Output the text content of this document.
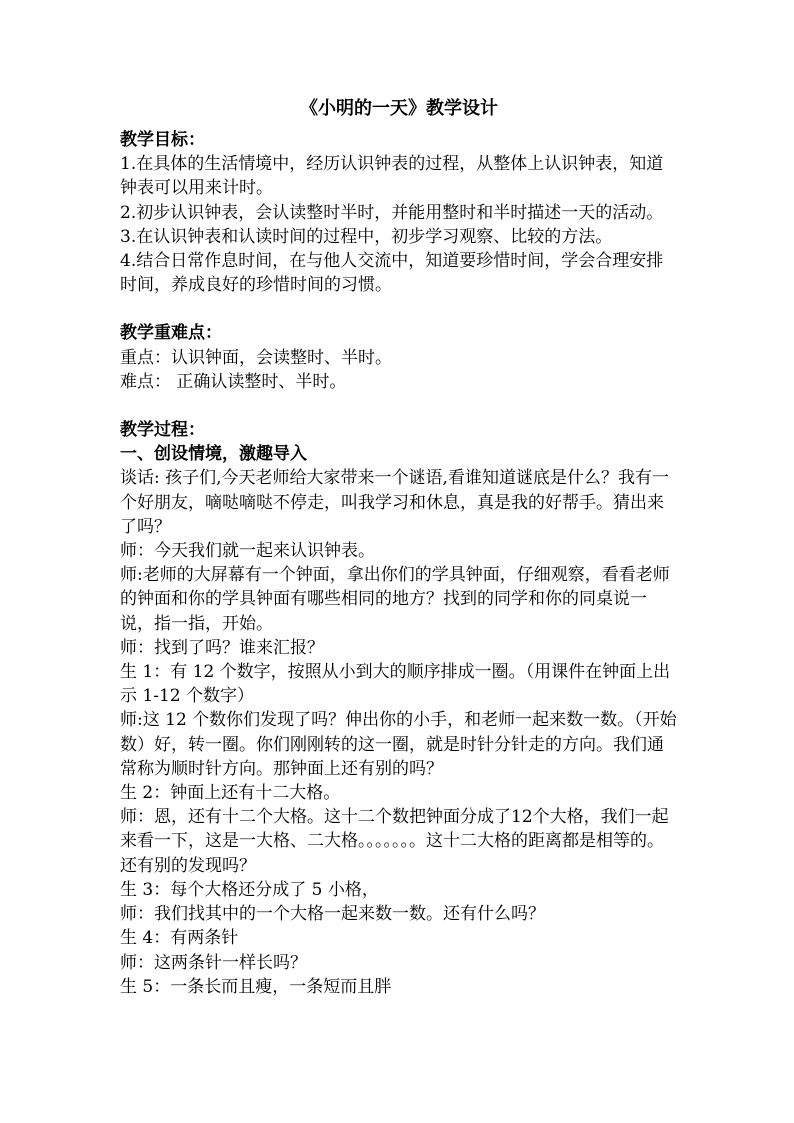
《小明的一天》教学设计
教学目标：
1.在具体的生活情境中，经历认识钟表的过程，从整体上认识钟表，知道钟表可以用来计时。
2.初步认识钟表，会认读整时半时，并能用整时和半时描述一天的活动。
3.在认识钟表和认读时间的过程中，初步学习观察、比较的方法。
4.结合日常作息时间，在与他人交流中，知道要珍惜时间，学会合理安排时间，养成良好的珍惜时间的习惯。
教学重难点：
重点：认识钟面，会读整时、半时。
难点： 正确认读整时、半时。
教学过程：
一、创设情境，激趣导入
谈话: 孩子们,今天老师给大家带来一个谜语,看谁知道谜底是什么？我有一个好朋友，嘀哒嘀哒不停走，叫我学习和休息，真是我的好帮手。猜出来了吗？
师：今天我们就一起来认识钟表。
师:老师的大屏幕有一个钟面，拿出你们的学具钟面，仔细观察，看看老师的钟面和你的学具钟面有哪些相同的地方？找到的同学和你的同桌说一说，指一指，开始。
师：找到了吗？谁来汇报？
生 1：有 12 个数字，按照从小到大的顺序排成一圈。（用课件在钟面上出示 1-12 个数字）
师:这 12 个数你们发现了吗？伸出你的小手，和老师一起来数一数。（开始数）好，转一圈。你们刚刚转的这一圈，就是时针分针走的方向。我们通常称为顺时针方向。那钟面上还有别的吗？
生 2：钟面上还有十二大格。
师：恩，还有十二个大格。这十二个数把钟面分成了12个大格，我们一起来看一下，这是一大格、二大格。。。。。。。这十二大格的距离都是相等的。还有别的发现吗？
生 3：每个大格还分成了 5 小格，
师：我们找其中的一个大格一起来数一数。还有什么吗？
生 4：有两条针
师：这两条针一样长吗？
生 5：一条长而且瘦，一条短而且胖
